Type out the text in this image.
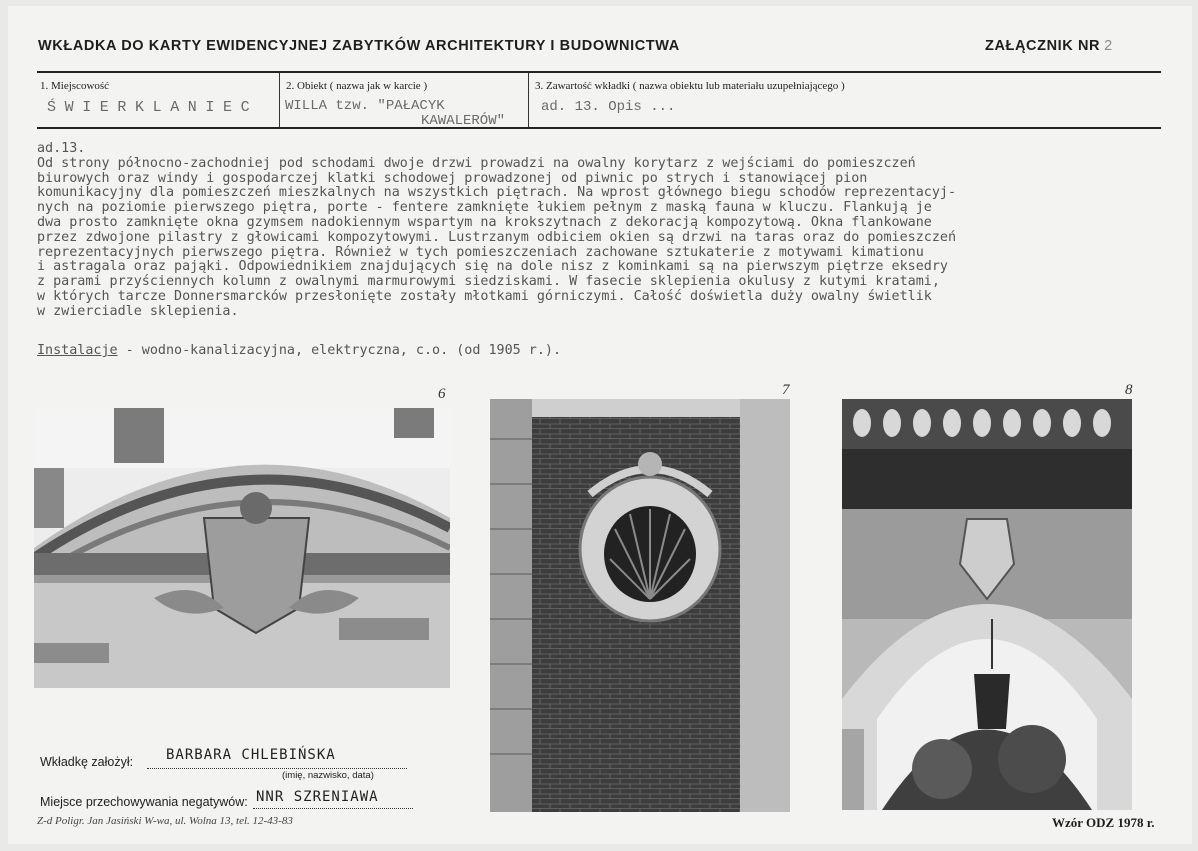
WKŁADKA DO KARTY EWIDENCYJNEJ ZABYTKÓW ARCHITEKTURY I BUDOWNICTWA	ZAŁĄCZNIK NR 2
1. Miejscowość
ŚWIERKLANIEC
2. Obiekt ( nazwa jak w karcie )
WILLA tzw. "PAŁACYK
KAWALERÓW"
3. Zawartość wkładki ( nazwa obiektu lub materiału uzupełniającego )
ad. 13. Opis ...
ad.13.
Od strony północno-zachodniej pod schodami dwoje drzwi prowadzi na owalny korytarz z wejściami do pomieszczeń
biurowych oraz windy i gospodarczej klatki schodowej prowadzonej od piwnic po strych i stanowiącej pion
komunikacyjny dla pomieszczeń mieszkalnych na wszystkich piętrach. Na wprost głównego biegu schodów reprezentacyj-
nych na poziomie pierwszego piętra, porte - fentere zamknięte łukiem pełnym z maską fauna w kluczu. Flankują je
dwa prosto zamknięte okna gzymsem nadokiennym wspartym na krokszytnach z dekoracją kompozytową. Okna flankowane
przez zdwojone pilastry z głowicami kompozytowymi. Lustrzanym odbiciem okien są drzwi na taras oraz do pomieszczeń
reprezentacyjnych pierwszego piętra. Również w tych pomieszczeniach zachowane sztukaterie z motywami kimationu
i astragala oraz pająki. Odpowiednikiem znajdujących się na dole nisz z kominkami są na pierwszym piętrze eksedry
z parami przyściennych kolumn z owalnymi marmurowymi siedziskami. W fasecie sklepienia okulusy z kutymi kratami,
w których tarcze Donnersmarcków przesłonięte zostały młotkami górniczymi. Całość doświetla duży owalny świetlik
w zwierciadle sklepienia.
Instalacje - wodno-kanalizacyjna, elektryczna, c.o. (od 1905 r.).
6	7	8
Wkładkę założył: BARBARA CHLEBIŃSKA
(imię, nazwisko, data)
Miejsce przechowywania negatywów: NNR SZRENIAWA
Z-d Poligr. Jan Jasiński W-wa, ul. Wolna 13, tel. 12-43-83	Wzór ODZ 1978 r.
